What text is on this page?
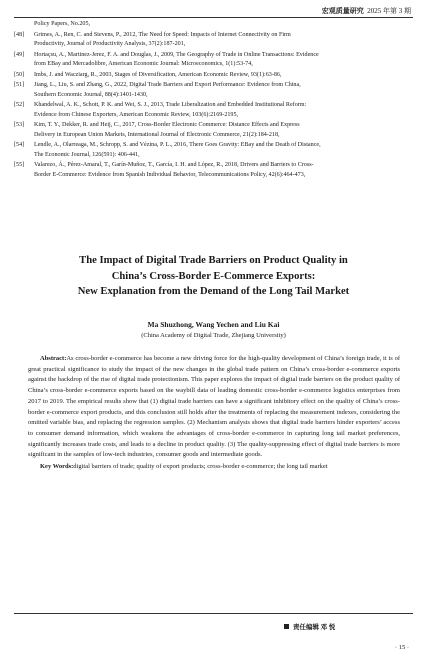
宏观质量研究 2025 年第 3 期
Policy Papers, No.205,
[48]	Grimes, A., Ren, C. and Stevens, P., 2012, The Need for Speed: Impacts of Internet Connectivity on Firm
Productivity, Journal of Productivity Analysis, 37(2):187-201,
[49]	Hortaçsu, A., Martinez-Jerez, F. A. and Douglas, J., 2009, The Geography of Trade in Online Transactions: Evidence
from EBay and Mercadolibre, American Economic Journal: Microeconomics, 1(1):53-74,
[50]	Imbs, J. and Wacziarg, R., 2003, Stages of Diversification, American Economic Review, 93(1):63-86,
[51]	Jiang, L., Liu, S. and Zhang, G., 2022, Digital Trade Barriers and Export Performance: Evidence from China,
Southern Economic Journal, 88(4):1401-1430,
[52]	Khandelwal, A. K., Schott, P. K. and Wei, S. J., 2013, Trade Liberalization and Embedded Institutional Reform:
Evidence from Chinese Exporters, American Economic Review, 103(6):2169-2195,
[53]	Kim, T. Y., Dekker, R. and Heij, C., 2017, Cross-Border Electronic Commerce: Distance Effects and Express
Delivery in European Union Markets, International Journal of Electronic Commerce, 21(2):184-218,
[54]	Lendle, A., Olarreaga, M., Schropp, S. and Vézina, P. L., 2016, There Goes Gravity: EBay and the Death of Distance,
The Economic Journal, 126(591): 406-441,
[55]	Valarezo, Á., Pérez-Amaral, T., Garín-Muñoz, T., García, I. H. and López, R., 2018, Drivers and Barriers to Cross-
Border E-Commerce: Evidence from Spanish Individual Behavior, Telecommunications Policy, 42(6):464-473,
The Impact of Digital Trade Barriers on Product Quality in
China’s Cross-Border E-Commerce Exports:
New Explanation from the Demand of the Long Tail Market
Ma Shuzhong, Wang Yechen and Liu Kai
(China Academy of Digital Trade, Zhejiang University)
Abstract:As cross-border e-commerce has become a new driving force for the high-quality development of China’s foreign trade, it is of great practical significance to study the impact of the new changes in the global trade pattern on China’s cross-border e-commerce exports against the backdrop of the rise of digital trade protectionism. This paper explores the impact of digital trade barriers on the product quality of China’s cross-border e-commerce exports based on the waybill data of leading domestic cross-border e-commerce logistics enterprises from 2017 to 2019. The empirical results show that (1) digital trade barriers can have a significant inhibitory effect on the quality of China’s cross-border e-commerce export products, and this conclusion still holds after the treatments of replacing the measurement indexes, considering the omitted variable bias, and replacing the regression samples. (2) Mechanism analysis shows that digital trade barriers hinder exporters’ access to consumer demand information, which weakens the advantages of cross-border e-commerce in capturing long tail market preferences, significantly increases trade costs, and leads to a decline in product quality. (3) The quality-suppressing effect of digital trade barriers is more significant in the samples of low-tech industries, consumer goods and intermediate goods.
Key Words:digital barriers of trade; quality of export products; cross-border e-commerce; the long tail market
责任编辑 邓 悦
· 15 ·
